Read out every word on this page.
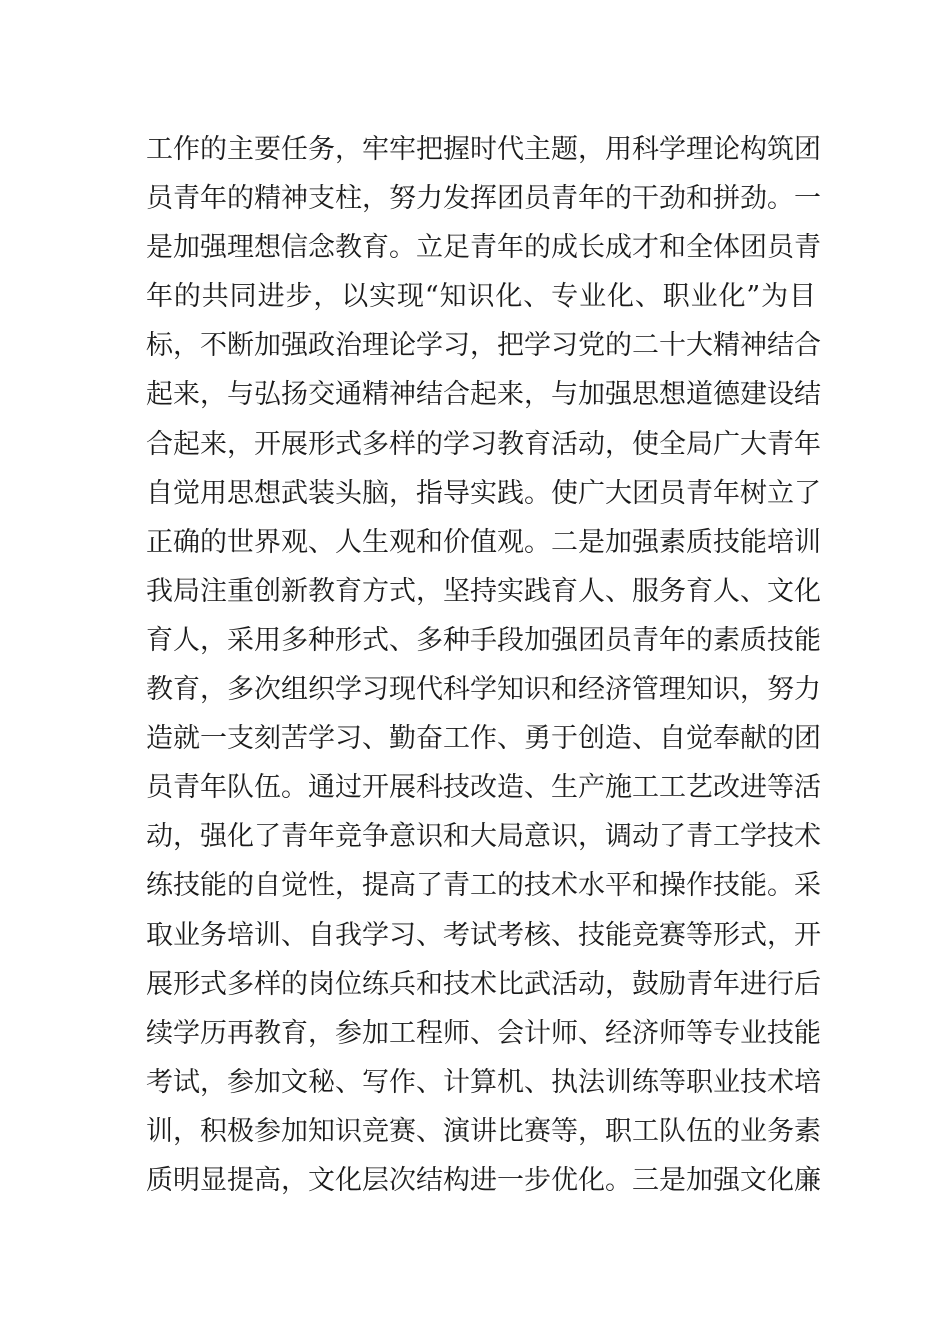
工作的主要任务，牢牢把握时代主题，用科学理论构筑团
员青年的精神支柱，努力发挥团员青年的干劲和拼劲。一
是加强理想信念教育。立足青年的成长成才和全体团员青
年的共同进步，以实现“知识化、专业化、职业化”为目
标，不断加强政治理论学习，把学习党的二十大精神结合
起来，与弘扬交通精神结合起来，与加强思想道德建设结
合起来，开展形式多样的学习教育活动，使全局广大青年
自觉用思想武装头脑，指导实践。使广大团员青年树立了
正确的世界观、人生观和价值观。二是加强素质技能培训
我局注重创新教育方式，坚持实践育人、服务育人、文化
育人，采用多种形式、多种手段加强团员青年的素质技能
教育，多次组织学习现代科学知识和经济管理知识，努力
造就一支刻苦学习、勤奋工作、勇于创造、自觉奉献的团
员青年队伍。通过开展科技改造、生产施工工艺改进等活
动，强化了青年竞争意识和大局意识，调动了青工学技术
练技能的自觉性，提高了青工的技术水平和操作技能。采
取业务培训、自我学习、考试考核、技能竞赛等形式，开
展形式多样的岗位练兵和技术比武活动，鼓励青年进行后
续学历再教育，参加工程师、会计师、经济师等专业技能
考试，参加文秘、写作、计算机、执法训练等职业技术培
训，积极参加知识竞赛、演讲比赛等，职工队伍的业务素
质明显提高，文化层次结构进一步优化。三是加强文化廉
